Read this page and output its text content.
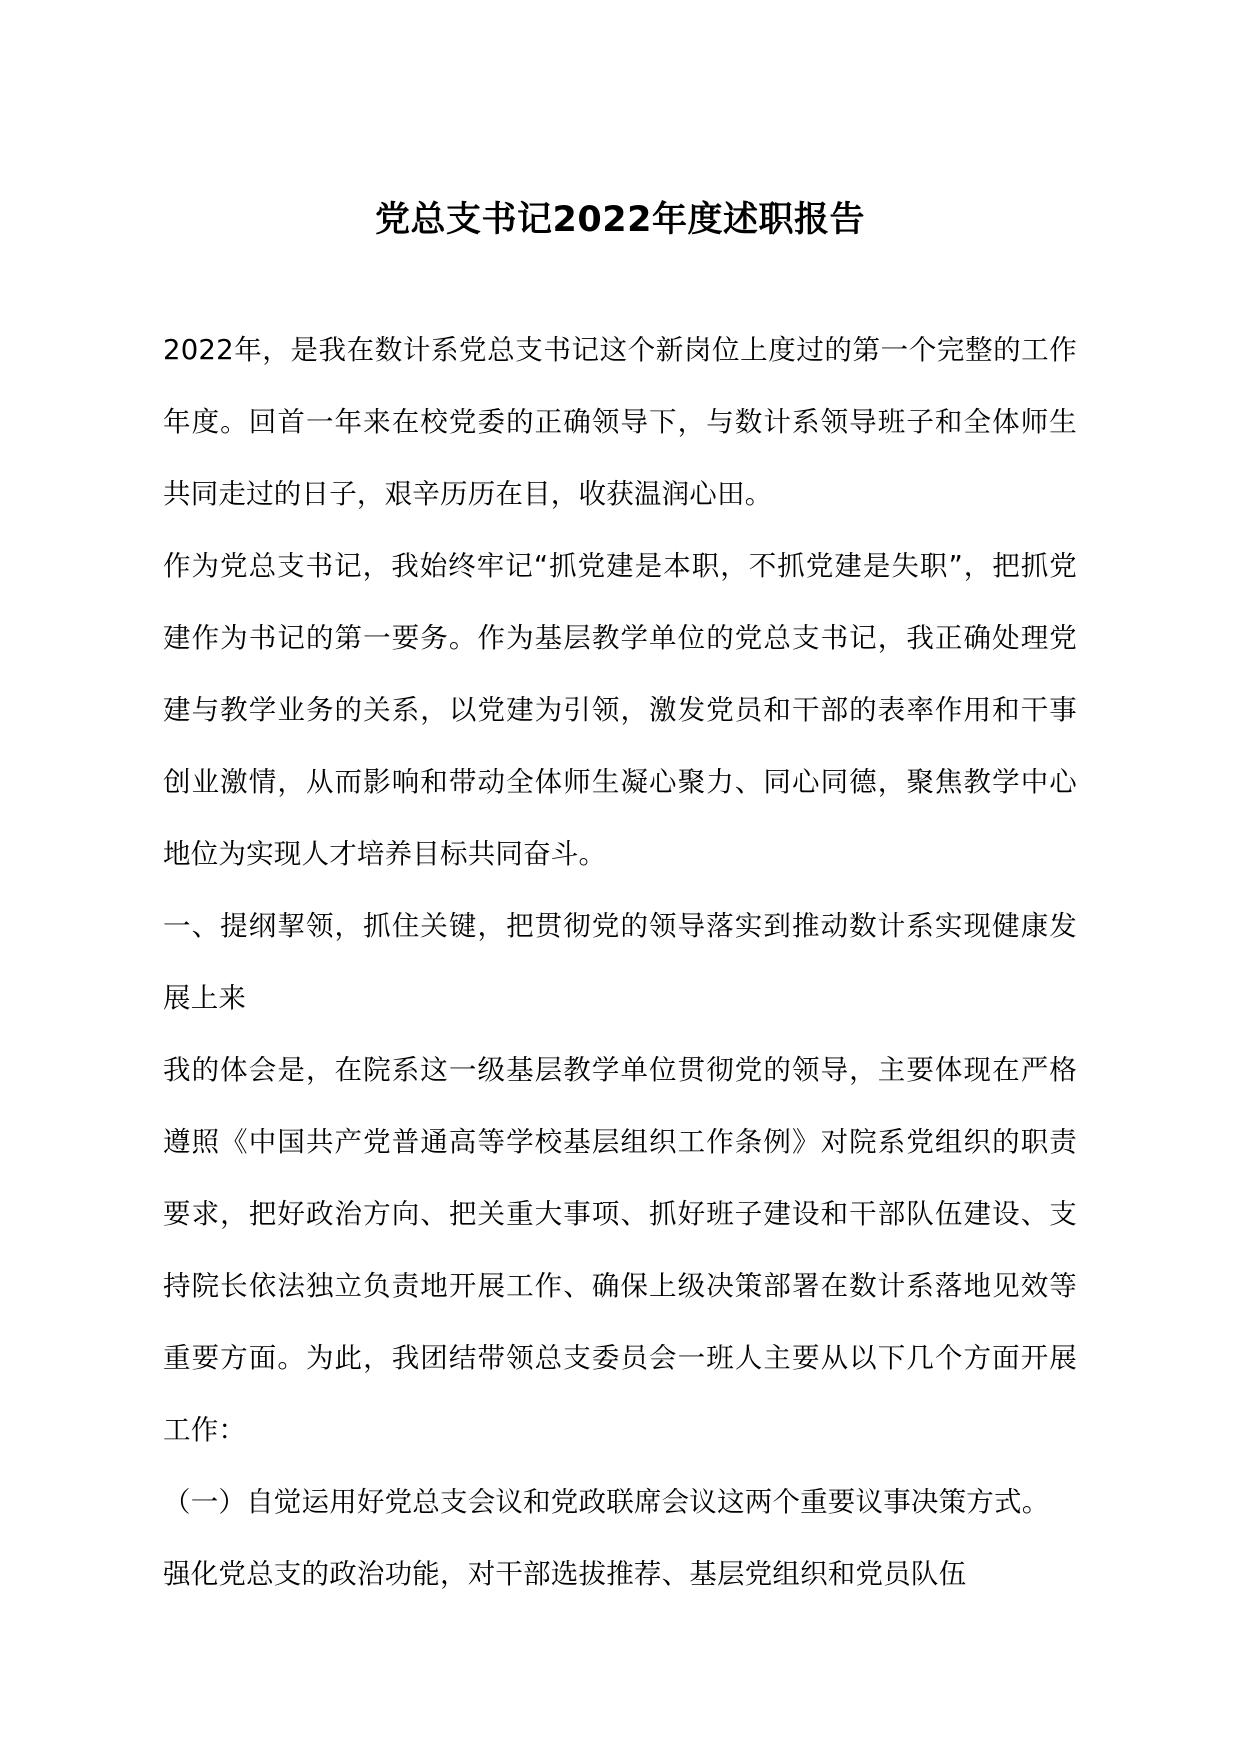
党总支书记2022年度述职报告

2022年，是我在数计系党总支书记这个新岗位上度过的第一个完整的工作年度。回首一年来在校党委的正确领导下，与数计系领导班子和全体师生共同走过的日子，艰辛历历在目，收获温润心田。

作为党总支书记，我始终牢记“抓党建是本职，不抓党建是失职”，把抓党建作为书记的第一要务。作为基层教学单位的党总支书记，我正确处理党建与教学业务的关系，以党建为引领，激发党员和干部的表率作用和干事创业激情，从而影响和带动全体师生凝心聚力、同心同德，聚焦教学中心地位为实现人才培养目标共同奋斗。

一、提纲挈领，抓住关键，把贯彻党的领导落实到推动数计系实现健康发展上来

我的体会是，在院系这一级基层教学单位贯彻党的领导，主要体现在严格遵照《中国共产党普通高等学校基层组织工作条例》对院系党组织的职责要求，把好政治方向、把关重大事项、抓好班子建设和干部队伍建设、支持院长依法独立负责地开展工作、确保上级决策部署在数计系落地见效等重要方面。为此，我团结带领总支委员会一班人主要从以下几个方面开展工作：

（一）自觉运用好党总支会议和党政联席会议这两个重要议事决策方式。

强化党总支的政治功能，对干部选拔推荐、基层党组织和党员队伍
